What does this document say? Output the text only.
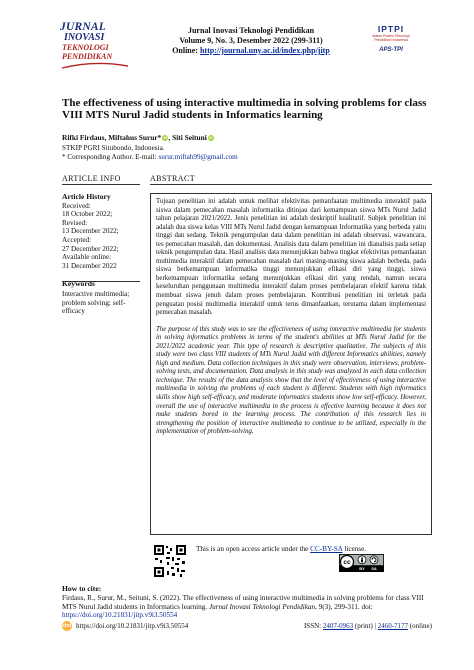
JURNAL
INOVASI
TEKNOLOGI
PENDIDIKAN
Jurnal Inovasi Teknologi Pendidikan
Volume 9, No. 3, Desember 2022 (299-311)
Online: http://journal.uny.ac.id/index.php/jitp
IPTPI
Ikatan Profesi Teknologi
Pendidikan Indonesia
APS-TPI
The effectiveness of using interactive multimedia in solving problems for class VIII MTS Nurul Jadid students in Informatics learning
Rifki Firdaus, Miftahus Surur* iD, Siti Seituni iD
STKIP PGRI Situbondo, Indonesia.
* Corresponding Author. E-mail: surur.miftah99@gmail.com
ARTICLE INFO	ABSTRACT
Article History
Received:
18 October 2022;
Revised:
13 December 2022;
Accepted:
27 December 2022;
Available online:
31 December 2022
Keywords
Interactive multimedia; problem solving; self-efficacy

Tujuan penelitian ini adalah untuk melihat efektivitas pemanfaatan multimedia interaktif pada siswa dalam pemecahan masalah informatika ditinjau dari kemampuan siswa MTs Nurul Jadid tahun pelajaran 2021/2022. Jenis penelitian ini adalah deskriptif kualitatif. Subjek penelitian ini adalah dua siswa kelas VIII MTs Nurul Jadid dengan kemampuan Informatika yang berbeda yaitu tinggi dan sedang. Teknik pengumpulan data dalam penelitian ini adalah observasi, wawancara, tes pemecahan masalah, dan dokumentasi. Analisis data dalam penelitian ini dianalisis pada setiap teknik pengumpulan data. Hasil analisis data menunjukkan bahwa tingkat efektivitas pemanfaatan multimedia interaktif dalam pemecahan masalah dari masing-masing siswa adalah berbeda, pada siswa berkemampuan informatika tinggi menunjukkan efikasi diri yang tinggi, siswa berkemampuan informatika sedang menunjukkan efikasi diri yang rendah, namun secara keseluruhan penggunaan multimedia interaktif dalam proses pembelajaran efektif karena tidak membuat siswa jenuh dalam proses pembelajaran. Kontribusi penelitian ini terletak pada penguatan posisi multimedia interaktif untuk terus dimanfaatkan, terutama dalam implementasi pemecahan masalah.

The purpose of this study was to see the effectiveness of using interactive multimedia for students in solving informatics problems in terms of the student's abilities at MTs Nurul Jadid for the 2021/2022 academic year. This type of research is descriptive qualitative. The subjects of this study were two class VIII students of MTs Nurul Jadid with different Informatics abilities, namely high and medium. Data collection techniques in this study were observation, interviews, problem-solving tests, and documentation. Data analysis in this study was analyzed in each data collection technique. The results of the data analysis show that the level of effectiveness of using interactive multimedia in solving the problems of each student is different. Students with high informatics skills show high self-efficacy, and moderate informatics students show low self-efficacy. However, overall the use of interactive multimedia in the process is effective learning because it does not make students bored in the learning process. The contribution of this research lies in strengthening the position of interactive multimedia to continue to be utilized, especially in the implementation of problem-solving.

This is an open access article under the CC-BY-SA license.
cc
BY SA
How to cite:
Firdaus, R., Surur, M., Seituni, S. (2022). The effectiveness of using interactive multimedia in solving problems for class VIII MTS Nurul Jadid students in Informatics learning. Jurnal Inovasi Teknologi Pendidikan, 9(3), 299-311. doi: https://doi.org/10.21831/jitp.v9i3.50554
doi https://doi.org/10.21831/jitp.v9i3.50554	ISSN: 2407-0963 (print) | 2460-7177 (online)
